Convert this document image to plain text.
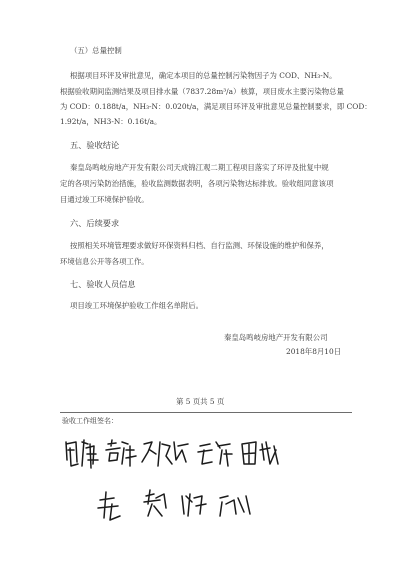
（五）总量控制
根据项目环评及审批意见，确定本项目的总量控制污染物因子为 COD、NH₃-N。
根据验收期间监测结果及项目排水量（7837.28m³/a）核算，项目废水主要污染物总量
为 COD：0.188t/a，NH₃-N：0.020t/a，满足项目环评及审批意见总量控制要求，即 COD：
1.92t/a，NH3-N：0.16t/a。
五、验收结论
秦皇岛鸣岐房地产开发有限公司天成锦江观二期工程项目落实了环评及批复中规
定的各项污染防治措施，验收监测数据表明，各项污染物达标排放。验收组同意该项
目通过竣工环境保护验收。
六、后续要求
按照相关环境管理要求做好环保资料归档、自行监测、环保设施的维护和保养，
环境信息公开等各项工作。
七、验收人员信息
项目竣工环境保护验收工作组名单附后。
秦皇岛鸣岐房地产开发有限公司
2018年8月10日
第 5 页共 5 页
验收工作组签名：
